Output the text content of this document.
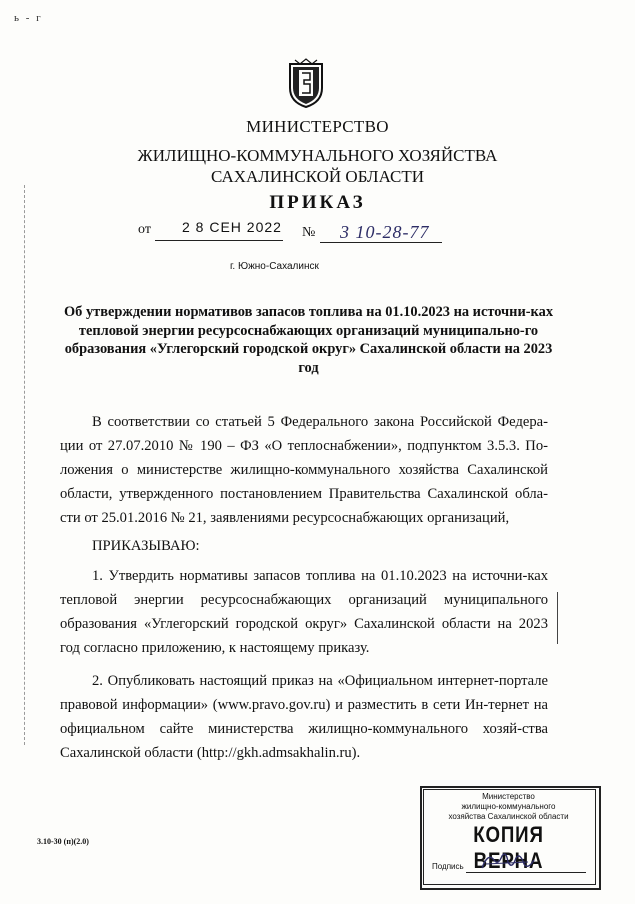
ь - г
МИНИСТЕРСТВО
ЖИЛИЩНО-КОММУНАЛЬНОГО ХОЗЯЙСТВА
САХАЛИНСКОЙ ОБЛАСТИ
ПРИКАЗ
от 2 8 СЕН 2022 № 3 10-28-77
г. Южно-Сахалинск
Об утверждении нормативов запасов топлива на 01.10.2023 на источни-ках тепловой энергии ресурсоснабжающих организаций муниципально-го образования «Углегорский городской округ» Сахалинской области на 2023 год
В соответствии со статьей 5 Федерального закона Российской Федера-ции от 27.07.2010 № 190 – ФЗ «О теплоснабжении», подпунктом 3.5.3. По-ложения о министерстве жилищно-коммунального хозяйства Сахалинской области, утвержденного постановлением Правительства Сахалинской обла-сти от 25.01.2016 № 21, заявлениями ресурсоснабжающих организаций,
ПРИКАЗЫВАЮ:
1. Утвердить нормативы запасов топлива на 01.10.2023 на источни-ках тепловой энергии ресурсоснабжающих организаций муниципального образования «Углегорский городской округ» Сахалинской области на 2023 год согласно приложению, к настоящему приказу.
2. Опубликовать настоящий приказ на «Официальном интернет-портале правовой информации» (www.pravo.gov.ru) и разместить в сети Ин-тернет на официальном сайте министерства жилищно-коммунального хозяй-ства Сахалинской области (http://gkh.admsakhalin.ru).
3.10-30 (п)(2.0)
Министерство
жилищно-коммунального
хозяйства Сахалинской области
КОПИЯ ВЕРНА
Подпись
